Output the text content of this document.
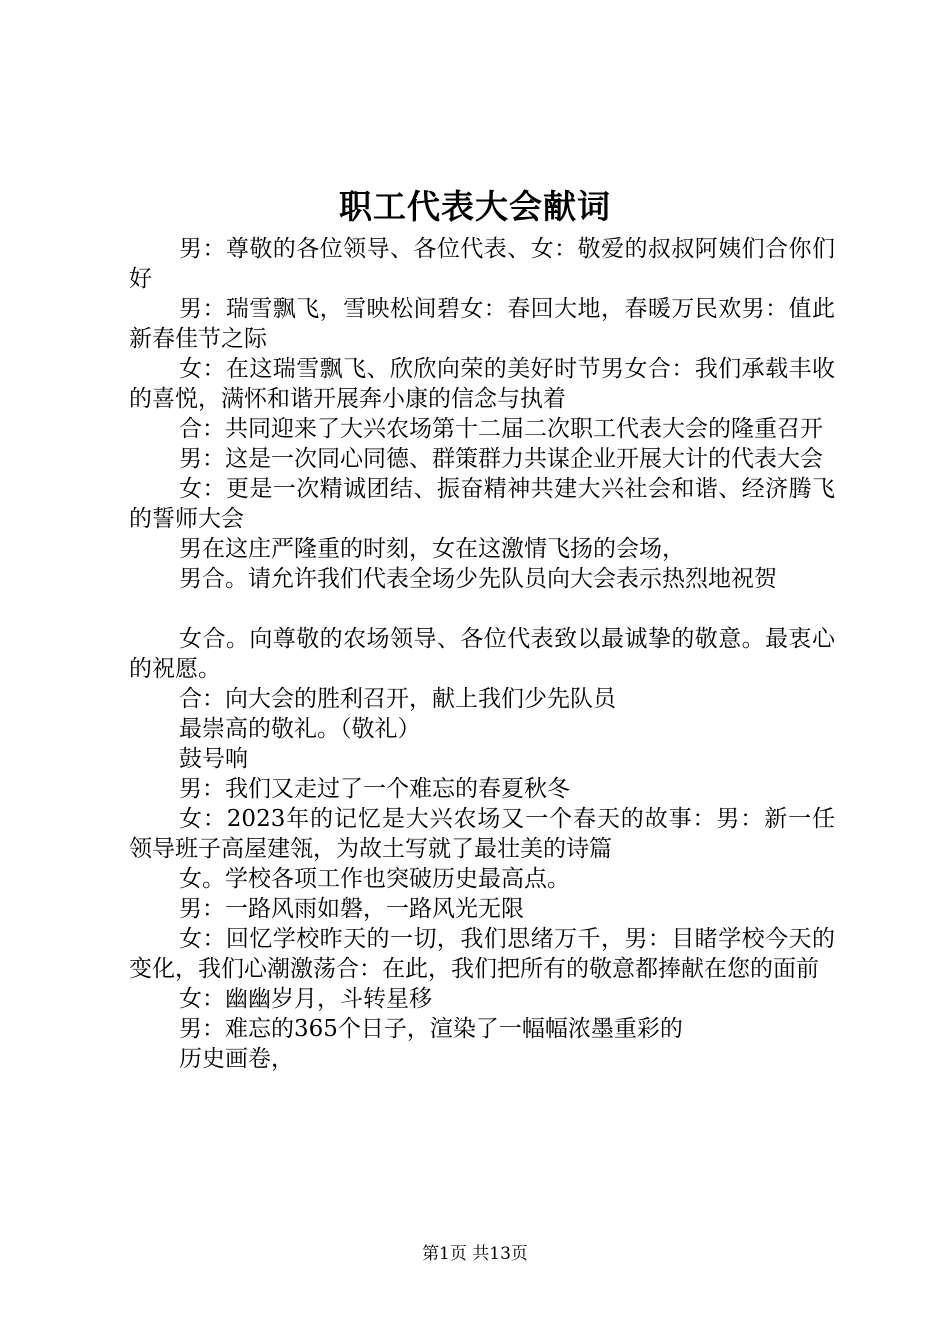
职工代表大会献词

男：尊敬的各位领导、各位代表、女：敬爱的叔叔阿姨们合你们好

男：瑞雪飘飞，雪映松间碧女：春回大地，春暖万民欢男：值此新春佳节之际

女：在这瑞雪飘飞、欣欣向荣的美好时节男女合：我们承载丰收的喜悦，满怀和谐开展奔小康的信念与执着

合：共同迎来了大兴农场第十二届二次职工代表大会的隆重召开

男：这是一次同心同德、群策群力共谋企业开展大计的代表大会

女：更是一次精诚团结、振奋精神共建大兴社会和谐、经济腾飞的誓师大会

男在这庄严隆重的时刻，女在这激情飞扬的会场，

男合。请允许我们代表全场少先队员向大会表示热烈地祝贺

女合。向尊敬的农场领导、各位代表致以最诚挚的敬意。最衷心的祝愿。

合：向大会的胜利召开，献上我们少先队员

最崇高的敬礼。（敬礼）

鼓号响

男：我们又走过了一个难忘的春夏秋冬

女：2023年的记忆是大兴农场又一个春天的故事：男：新一任领导班子高屋建瓴，为故土写就了最壮美的诗篇

女。学校各项工作也突破历史最高点。

男：一路风雨如磐，一路风光无限

女：回忆学校昨天的一切，我们思绪万千，男：目睹学校今天的变化，我们心潮激荡合：在此，我们把所有的敬意都捧献在您的面前

女：幽幽岁月，斗转星移

男：难忘的365个日子，渲染了一幅幅浓墨重彩的

历史画卷，

第1页 共13页
